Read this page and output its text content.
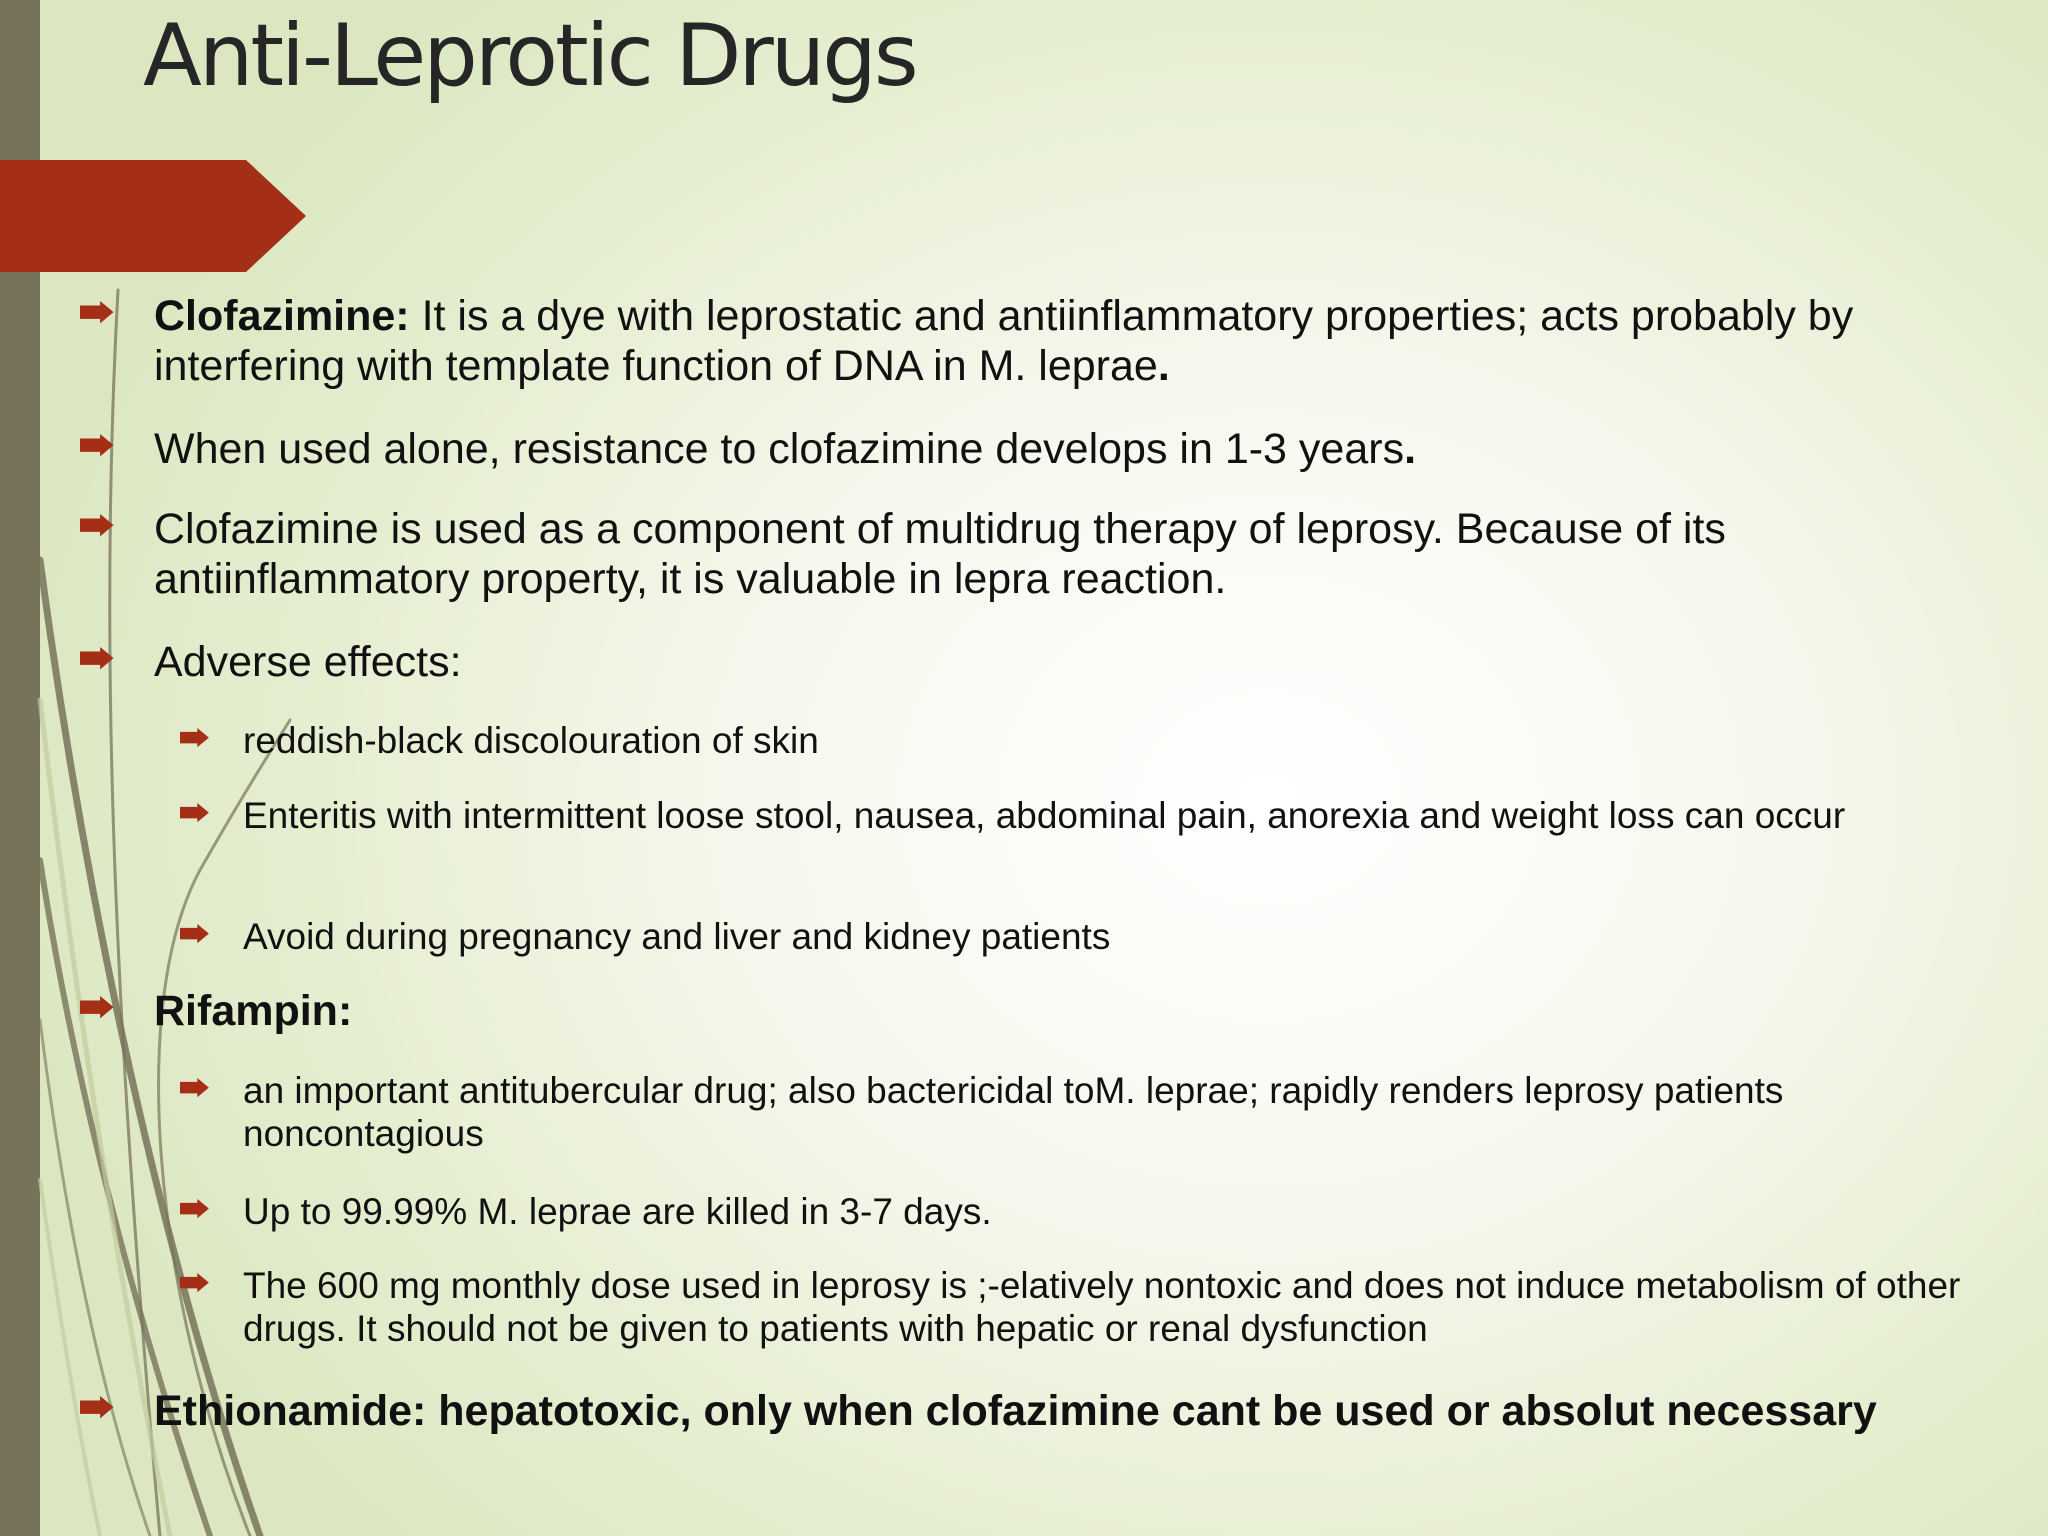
Anti-Leprotic Drugs
Clofazimine: It is a dye with leprostatic and antiinflammatory properties; acts probably by interfering with template function of DNA in M. leprae.
When used alone, resistance to clofazimine develops in 1-3 years.
Clofazimine is used as a component of multidrug therapy of leprosy. Because of its antiinflammatory property, it is valuable in lepra reaction.
Adverse effects:
reddish-black discolouration of skin
Enteritis with intermittent loose stool, nausea, abdominal pain, anorexia and weight loss can occur
Avoid during pregnancy and liver and kidney patients
Rifampin:
an important antitubercular drug; also bactericidal toM. leprae; rapidly renders leprosy patients noncontagious
Up to 99.99% M. leprae are killed in 3-7 days.
The 600 mg monthly dose used in leprosy is ;-elatively nontoxic and does not induce metabolism of other drugs. It should not be given to patients with hepatic or renal dysfunction
Ethionamide: hepatotoxic, only when clofazimine cant be used or absolut necessary
